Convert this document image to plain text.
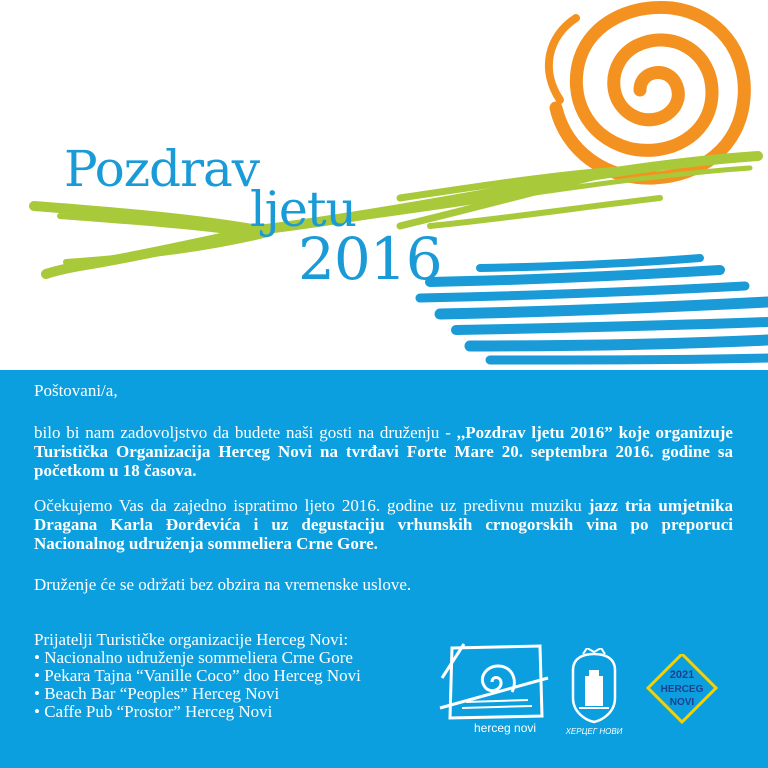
Pozdrav
ljetu
2016
Poštovani/a,
bilo bi nam zadovoljstvo da budete naši gosti na druženju - ,,Pozdrav ljetu 2016” koje organizuje Turistička Organizacija Herceg Novi na tvrđavi Forte Mare 20. septembra 2016. godine sa početkom u 18 časova.
Očekujemo Vas da zajedno ispratimo ljeto 2016. godine uz predivnu muziku jazz tria umjetnika Dragana Karla Đorđevića i uz degustaciju vrhunskih crnogorskih vina po preporuci Nacionalnog udruženja sommeliera Crne Gore.
Druženje će se održati bez obzira na vremenske uslove.
Prijatelji Turističke organizacije Herceg Novi:
• Nacionalno udruženje sommeliera Crne Gore
• Pekara Tajna “Vanille Coco” doo Herceg Novi
• Beach Bar “Peoples” Herceg Novi
• Caffe Pub “Prostor” Herceg Novi
herceg novi	ХЕРЦЕГ НОВИ
2021
HERCEG
NOVI
